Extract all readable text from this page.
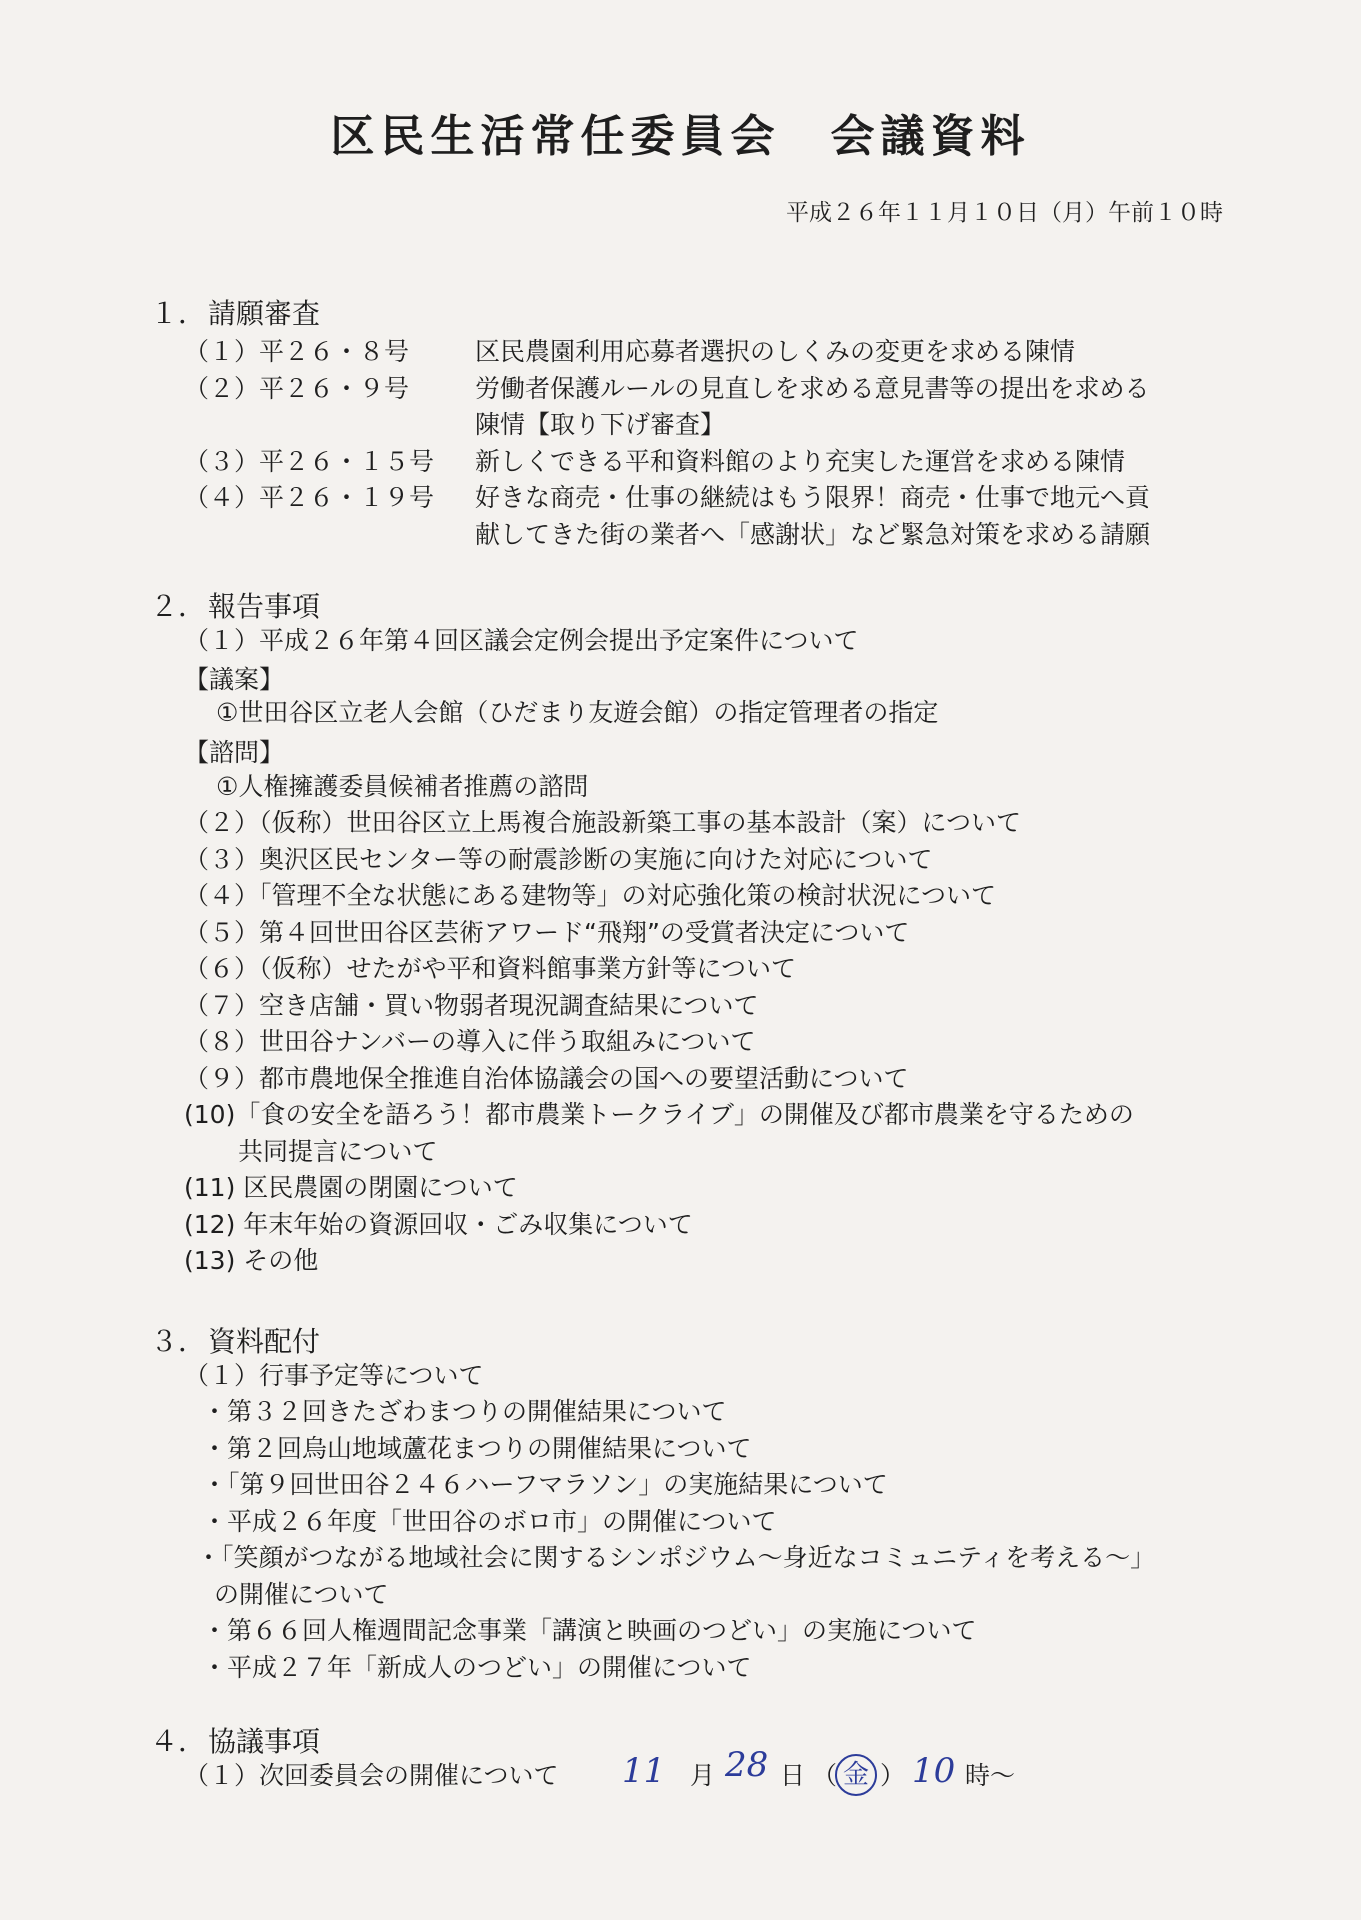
区民生活常任委員会　会議資料
平成２６年１１月１０日（月）午前１０時
１．請願審査
（１）平２６・８号	区民農園利用応募者選択のしくみの変更を求める陳情
（２）平２６・９号	労働者保護ルールの見直しを求める意見書等の提出を求める
陳情【取り下げ審査】
（３）平２６・１５号 新しくできる平和資料館のより充実した運営を求める陳情
（４）平２６・１９号 好きな商売・仕事の継続はもう限界！商売・仕事で地元へ貢
献してきた街の業者へ「感謝状」など緊急対策を求める請願
２．報告事項
（１）平成２６年第４回区議会定例会提出予定案件について
【議案】
①世田谷区立老人会館（ひだまり友遊会館）の指定管理者の指定
【諮問】
①人権擁護委員候補者推薦の諮問
（２）（仮称）世田谷区立上馬複合施設新築工事の基本設計（案）について
（３）奥沢区民センター等の耐震診断の実施に向けた対応について
（４）「管理不全な状態にある建物等」の対応強化策の検討状況について
（５）第４回世田谷区芸術アワード“飛翔”の受賞者決定について
（６）（仮称）せたがや平和資料館事業方針等について
（７）空き店舗・買い物弱者現況調査結果について
（８）世田谷ナンバーの導入に伴う取組みについて
（９）都市農地保全推進自治体協議会の国への要望活動について
(10)「食の安全を語ろう！都市農業トークライブ」の開催及び都市農業を守るための
共同提言について
(11) 区民農園の閉園について
(12) 年末年始の資源回収・ごみ収集について
(13) その他
３．資料配付
（１）行事予定等について
・第３２回きたざわまつりの開催結果について
・第２回烏山地域蘆花まつりの開催結果について
・「第９回世田谷２４６ハーフマラソン」の実施結果について
・平成２６年度「世田谷のボロ市」の開催について
・「笑顔がつながる地域社会に関するシンポジウム～身近なコミュニティを考える～」
の開催について
・第６６回人権週間記念事業「講演と映画のつどい」の実施について
・平成２７年「新成人のつどい」の開催について
４．協議事項
（１）次回委員会の開催について 11 月 28 日 （ 金 ） 10 時～
